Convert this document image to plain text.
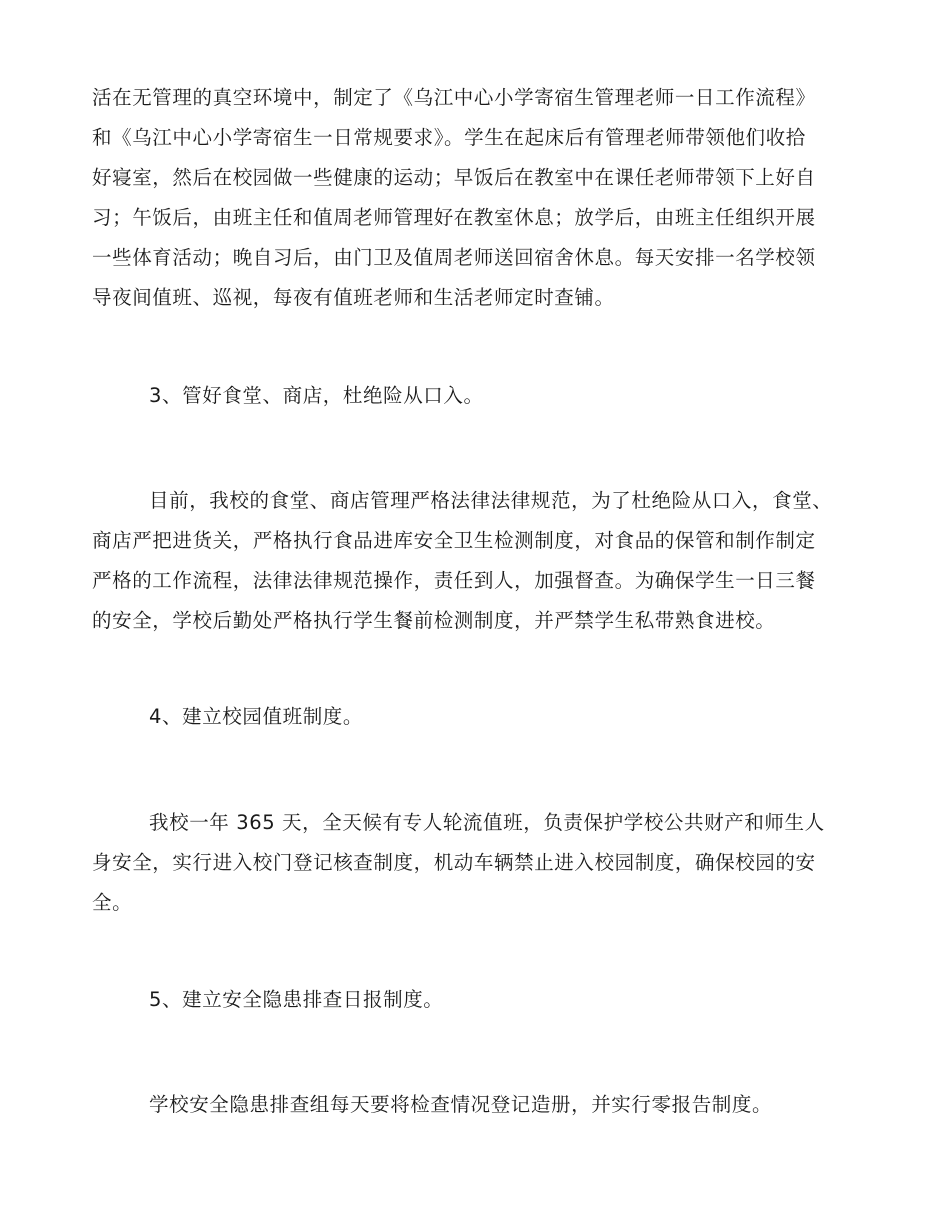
活在无管理的真空环境中，制定了《乌江中心小学寄宿生管理老师一日工作流程》
和《乌江中心小学寄宿生一日常规要求》。学生在起床后有管理老师带领他们收拾
好寝室，然后在校园做一些健康的运动；早饭后在教室中在课任老师带领下上好自
习；午饭后，由班主任和值周老师管理好在教室休息；放学后，由班主任组织开展
一些体育活动；晚自习后，由门卫及值周老师送回宿舍休息。每天安排一名学校领
导夜间值班、巡视，每夜有值班老师和生活老师定时查铺。
3、管好食堂、商店，杜绝险从口入。
目前，我校的食堂、商店管理严格法律法律规范，为了杜绝险从口入，食堂、
商店严把进货关，严格执行食品进库安全卫生检测制度，对食品的保管和制作制定
严格的工作流程，法律法律规范操作，责任到人，加强督查。为确保学生一日三餐
的安全，学校后勤处严格执行学生餐前检测制度，并严禁学生私带熟食进校。
4、建立校园值班制度。
我校一年 365 天，全天候有专人轮流值班，负责保护学校公共财产和师生人
身安全，实行进入校门登记核查制度，机动车辆禁止进入校园制度，确保校园的安
全。
5、建立安全隐患排查日报制度。
学校安全隐患排查组每天要将检查情况登记造册，并实行零报告制度。
